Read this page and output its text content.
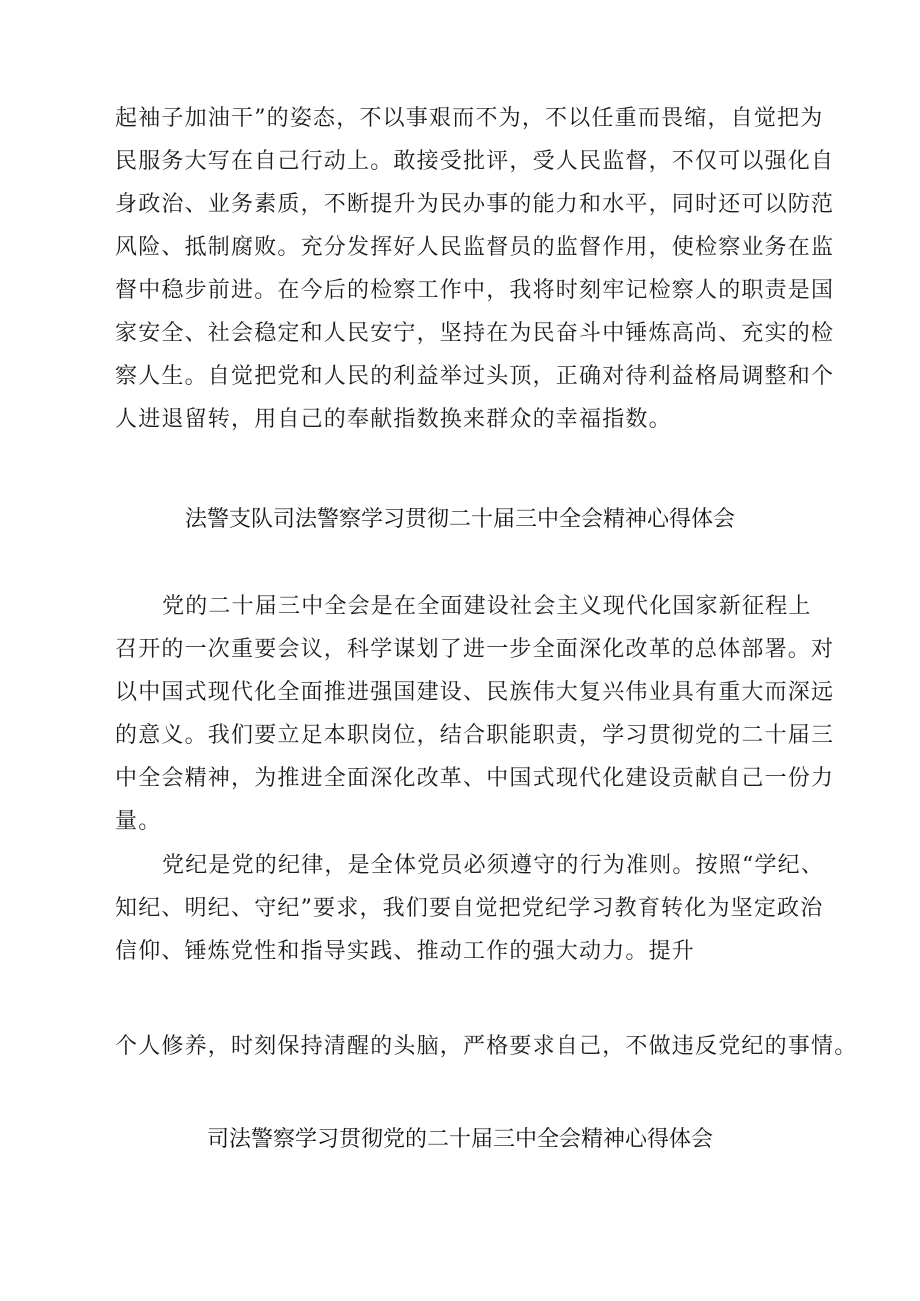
起袖子加油干”的姿态，不以事艰而不为，不以任重而畏缩，自觉把为

民服务大写在自己行动上。敢接受批评，受人民监督，不仅可以强化自

身政治、业务素质，不断提升为民办事的能力和水平，同时还可以防范

风险、抵制腐败。充分发挥好人民监督员的监督作用，使检察业务在监

督中稳步前进。在今后的检察工作中，我将时刻牢记检察人的职责是国

家安全、社会稳定和人民安宁，坚持在为民奋斗中锤炼高尚、充实的检

察人生。自觉把党和人民的利益举过头顶，正确对待利益格局调整和个

人进退留转，用自己的奉献指数换来群众的幸福指数。

法警支队司法警察学习贯彻二十届三中全会精神心得体会

党的二十届三中全会是在全面建设社会主义现代化国家新征程上

召开的一次重要会议，科学谋划了进一步全面深化改革的总体部署。对

以中国式现代化全面推进强国建设、民族伟大复兴伟业具有重大而深远

的意义。我们要立足本职岗位，结合职能职责，学习贯彻党的二十届三

中全会精神，为推进全面深化改革、中国式现代化建设贡献自己一份力

量。

党纪是党的纪律，是全体党员必须遵守的行为准则。按照“学纪、

知纪、明纪、守纪”要求，我们要自觉把党纪学习教育转化为坚定政治

信仰、锤炼党性和指导实践、推动工作的强大动力。提升

个人修养，时刻保持清醒的头脑，严格要求自己，不做违反党纪的事情。

司法警察学习贯彻党的二十届三中全会精神心得体会
